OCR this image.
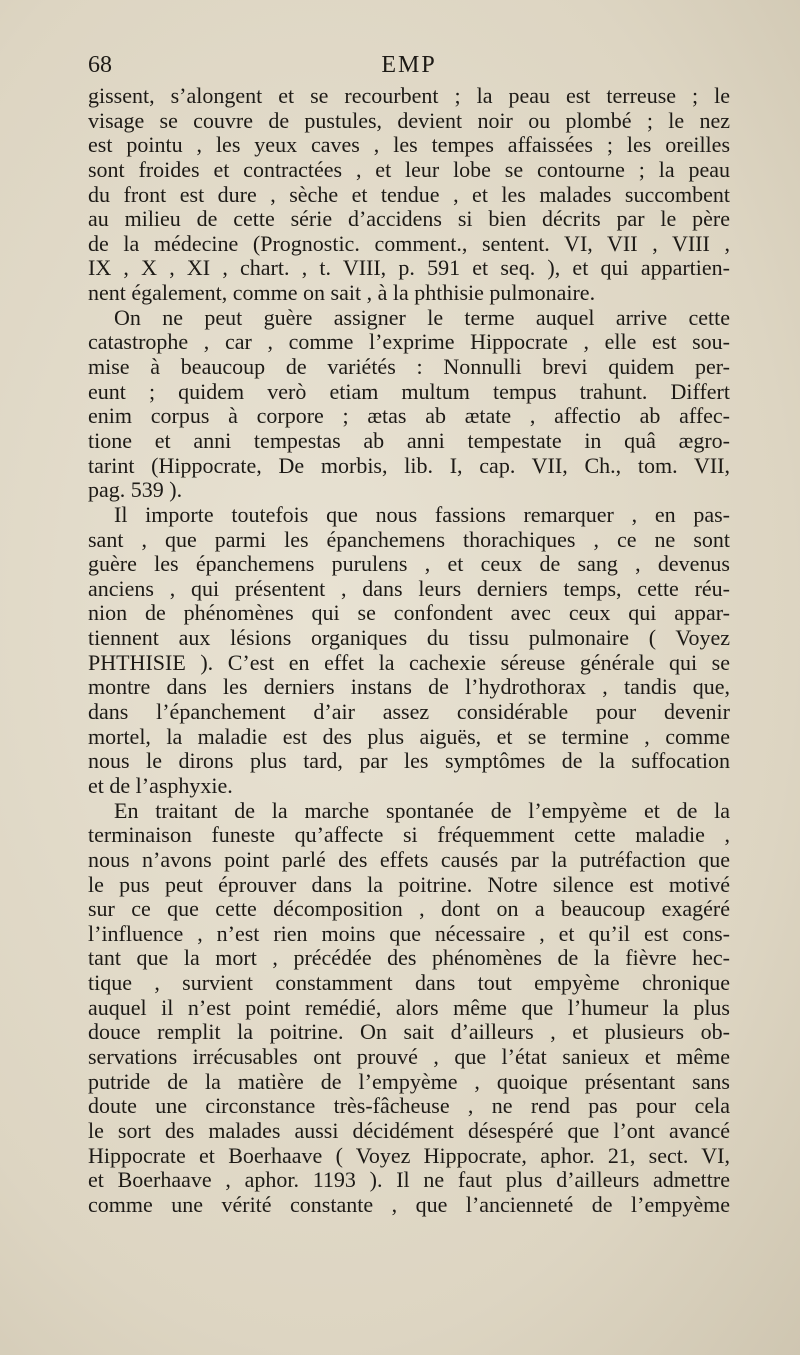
68	EMP
gissent, s’alongent et se recourbent ; la peau est terreuse ; le
visage se couvre de pustules, devient noir ou plombé ; le nez
est pointu , les yeux caves , les tempes affaissées ; les oreilles
sont froides et contractées , et leur lobe se contourne ; la peau
du front est dure , sèche et tendue , et les malades succombent
au milieu de cette série d’accidens si bien décrits par le père
de la médecine (Prognostic. comment., sentent. VI, VII , VIII ,
IX , X , XI , chart. , t. VIII, p. 591 et seq. ), et qui appartien-
nent également, comme on sait , à la phthisie pulmonaire.
On ne peut guère assigner le terme auquel arrive cette
catastrophe , car , comme l’exprime Hippocrate , elle est sou-
mise à beaucoup de variétés : Nonnulli brevi quidem per-
eunt ; quidem verò etiam multum tempus trahunt. Differt
enim corpus à corpore ; ætas ab ætate , affectio ab affec-
tione et anni tempestas ab anni tempestate in quâ ægro-
tarint (Hippocrate, De morbis, lib. I, cap. VII, Ch., tom. VII,
pag. 539 ).
Il importe toutefois que nous fassions remarquer , en pas-
sant , que parmi les épanchemens thorachiques , ce ne sont
guère les épanchemens purulens , et ceux de sang , devenus
anciens , qui présentent , dans leurs derniers temps, cette réu-
nion de phénomènes qui se confondent avec ceux qui appar-
tiennent aux lésions organiques du tissu pulmonaire ( Voyez
PHTHISIE ). C’est en effet la cachexie séreuse générale qui se
montre dans les derniers instans de l’hydrothorax , tandis que,
dans l’épanchement d’air assez considérable pour devenir
mortel, la maladie est des plus aiguës, et se termine , comme
nous le dirons plus tard, par les symptômes de la suffocation
et de l’asphyxie.
En traitant de la marche spontanée de l’empyème et de la
terminaison funeste qu’affecte si fréquemment cette maladie ,
nous n’avons point parlé des effets causés par la putréfaction que
le pus peut éprouver dans la poitrine. Notre silence est motivé
sur ce que cette décomposition , dont on a beaucoup exagéré
l’influence , n’est rien moins que nécessaire , et qu’il est cons-
tant que la mort , précédée des phénomènes de la fièvre hec-
tique , survient constamment dans tout empyème chronique
auquel il n’est point remédié, alors même que l’humeur la plus
douce remplit la poitrine. On sait d’ailleurs , et plusieurs ob-
servations irrécusables ont prouvé , que l’état sanieux et même
putride de la matière de l’empyème , quoique présentant sans
doute une circonstance très-fâcheuse , ne rend pas pour cela
le sort des malades aussi décidément désespéré que l’ont avancé
Hippocrate et Boerhaave ( Voyez Hippocrate, aphor. 21, sect. VI,
et Boerhaave , aphor. 1193 ). Il ne faut plus d’ailleurs admettre
comme une vérité constante , que l’ancienneté de l’empyème
